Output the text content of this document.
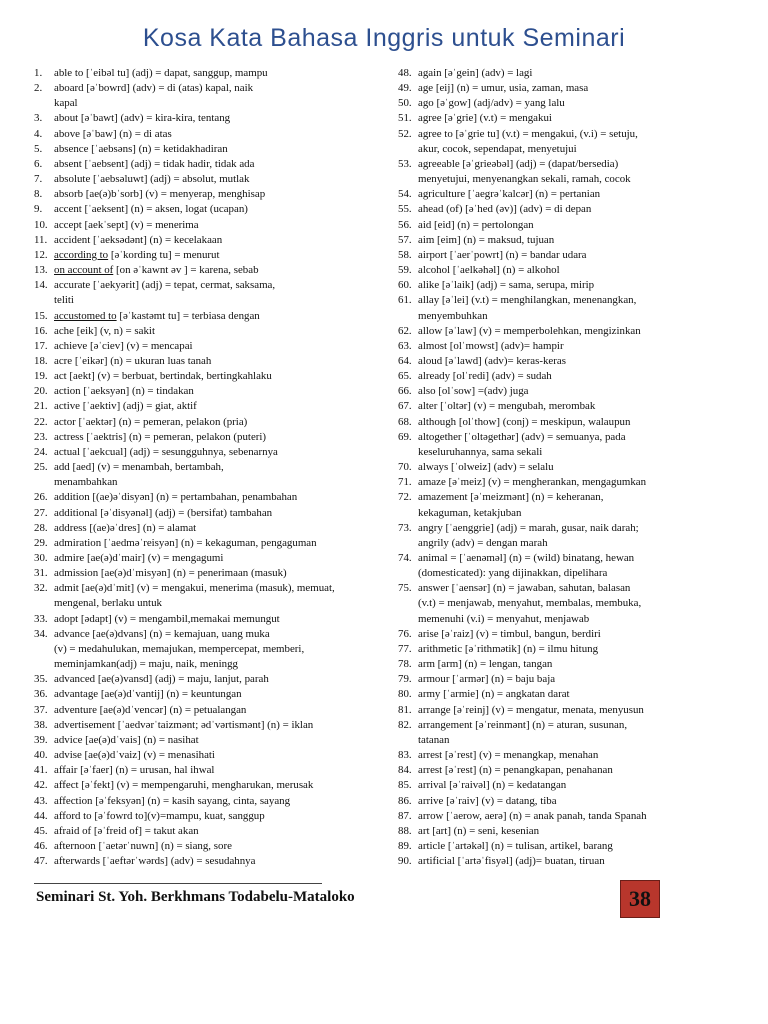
Kosa Kata Bahasa Inggris untuk Seminari
1.	able to [ˈeibəl tu] (adj) = dapat, sanggup, mampu
2.	aboard [əˈbowrd] (adv) = di (atas) kapal, naik
kapal
3.	about [əˈbawt] (adv) = kira-kira, tentang
4.	above [əˈbaw] (n) = di atas
5.	absence [ˈaebsəns] (n) = ketidakhadiran
6.	absent [ˈaebsent] (adj) = tidak hadir, tidak ada
7.	absolute [ˈaebsəluwt] (adj) = absolut, mutlak
8.	absorb [ae(ə)bˈsorb] (v) = menyerap, menghisap
9.	accent [ˈaeksent] (n) = aksen, logat (ucapan)
10. accept [aekˈsept] (v) = menerima
11. accident [ˈaeksədənt] (n) = kecelakaan
12. according to [əˈkording tu] = menurut
13. on account of [on əˈkawnt əv ] = karena, sebab
14. accurate [ˈaekyərit] (adj) = tepat, cermat, saksama,
teliti
15. accustomed to [əˈkastəmt tu] = terbiasa dengan
16. ache [eik] (v, n) = sakit
17. achieve [əˈciev] (v) = mencapai
18. acre [ˈeikər] (n) = ukuran luas tanah
19. act [aekt] (v) = berbuat, bertindak, bertingkahlaku
20. action [ˈaeksyən] (n) = tindakan
21. active [ˈaektiv] (adj) = giat, aktif
22. actor [ˈaektər] (n) = pemeran, pelakon (pria)
23. actress [ˈaektris] (n) = pemeran, pelakon (puteri)
24. actual [ˈaekcual] (adj) = sesungguhnya, sebenarnya
25. add [aed] (v) = menambah, bertambah,
menambahkan
26. addition [(ae)əˈdisyən] (n) = pertambahan, penambahan
27. additional [əˈdisyənəl] (adj) = (bersifat) tambahan
28. address [(ae)əˈdres] (n) = alamat
29. admiration [ˈaedməˈreisyən] (n) = kekaguman, pengaguman
30. admire [ae(ə)dˈmair] (v) = mengagumi
31. admission [ae(ə)dˈmisyən] (n) = penerimaan (masuk)
32. admit [ae(ə)dˈmit] (v) = mengakui, menerima (masuk), memuat,
mengenal, berlaku untuk
33. adopt [ədapt] (v) = mengambil,memakai memungut
34. advance [ae(ə)dvans] (n) = kemajuan, uang muka
(v) = medahulukan, memajukan, mempercepat, memberi,
meminjamkan(adj) = maju, naik, meningg
35. advanced [ae(ə)vansd] (adj) = maju, lanjut, parah
36. advantage [ae(ə)dˈvantij] (n) = keuntungan
37. adventure [ae(ə)dˈvencər] (n) = petualangan
38. advertisement [ˈaedvərˈtaizmənt; ədˈvərtismənt] (n) = iklan
39. advice [ae(ə)dˈvais] (n) = nasihat
40. advise [ae(ə)dˈvaiz] (v) = menasihati
41. affair [əˈfaer] (n) = urusan, hal ihwal
42. affect [əˈfekt] (v) = mempengaruhi, mengharukan, merusak
43. affection [əˈfeksyən] (n) = kasih sayang, cinta, sayang
44. afford to [əˈfowrd to](v)=mampu, kuat, sanggup
45. afraid of [əˈfreid of] = takut akan
46. afternoon [ˈaetərˈnuwn] (n) = siang, sore
47. afterwards [ˈaeftərˈwərds] (adv) = sesudahnya
48. again [əˈgein] (adv) = lagi
49. age [eij] (n) = umur, usia, zaman, masa
50. ago [əˈgow] (adj/adv) = yang lalu
51. agree [əˈgrie] (v.t) = mengakui
52. agree to [əˈgrie tu] (v.t) = mengakui, (v.i) = setuju,
akur, cocok, sependapat, menyetujui
53. agreeable [əˈgrieəbəl] (adj) = (dapat/bersedia)
menyetujui, menyenangkan sekali, ramah, cocok
54. agriculture [ˈaegrəˈkalcər] (n) = pertanian
55. ahead (of) [əˈhed (əv)] (adv) = di depan
56. aid [eid] (n) = pertolongan
57. aim [eim] (n) = maksud, tujuan
58. airport [ˈaerˈpowrt] (n) = bandar udara
59. alcohol [ˈaelkəhəl] (n) = alkohol
60. alike [əˈlaik] (adj) = sama, serupa, mirip
61. allay [əˈlei] (v.t) = menghilangkan, menenangkan,
menyembuhkan
62. allow [əˈlaw] (v) = memperbolehkan, mengizinkan
63. almost [olˈmowst] (adv)= hampir
64. aloud [əˈlawd] (adv)= keras-keras
65. already [olˈredi] (adv) = sudah
66. also [olˈsow] =(adv) juga
67. alter [ˈoltər] (v) = mengubah, merombak
68. although [olˈthow] (conj) = meskipun, walaupun
69. altogether [ˈoltəgethər] (adv) = semuanya, pada
keseluruhannya, sama sekali
70. always [ˈolweiz] (adv) = selalu
71. amaze [əˈmeiz] (v) = mengherankan, mengagumkan
72. amazement [əˈmeizmənt] (n) = keheranan,
kekaguman, ketakjuban
73. angry [ˈaenggrie] (adj) = marah, gusar, naik darah;
angrily (adv) = dengan marah
74. animal = [ˈaenəməl] (n) = (wild) binatang, hewan
(domesticated): yang dijinakkan, dipelihara
75. answer [ˈaensər] (n) = jawaban, sahutan, balasan
(v.t) = menjawab, menyahut, membalas, membuka,
memenuhi (v.i) = menyahut, menjawab
76. arise [əˈraiz] (v) = timbul, bangun, berdiri
77. arithmetic [əˈrithmətik] (n) = ilmu hitung
78. arm [arm] (n) = lengan, tangan
79. armour [ˈarmər] (n) = baju baja
80. army [ˈarmie] (n) = angkatan darat
81. arrange [əˈreinj] (v) = mengatur, menata, menyusun
82. arrangement [əˈreinmənt] (n) = aturan, susunan,
tatanan
83. arrest [əˈrest] (v) = menangkap, menahan
84. arrest [əˈrest] (n) = penangkapan, penahanan
85. arrival [əˈraivəl] (n) = kedatangan
86. arrive [əˈraiv] (v) = datang, tiba
87. arrow [ˈaerow, aerə] (n) = anak panah, tanda Spanah
88. art [art] (n) = seni, kesenian
89. article [ˈartəkəl] (n) = tulisan, artikel, barang
90. artificial [ˈartəˈfisyəl] (adj)= buatan, tiruan
Seminari St. Yoh. Berkhmans Todabelu-Mataloko	38
